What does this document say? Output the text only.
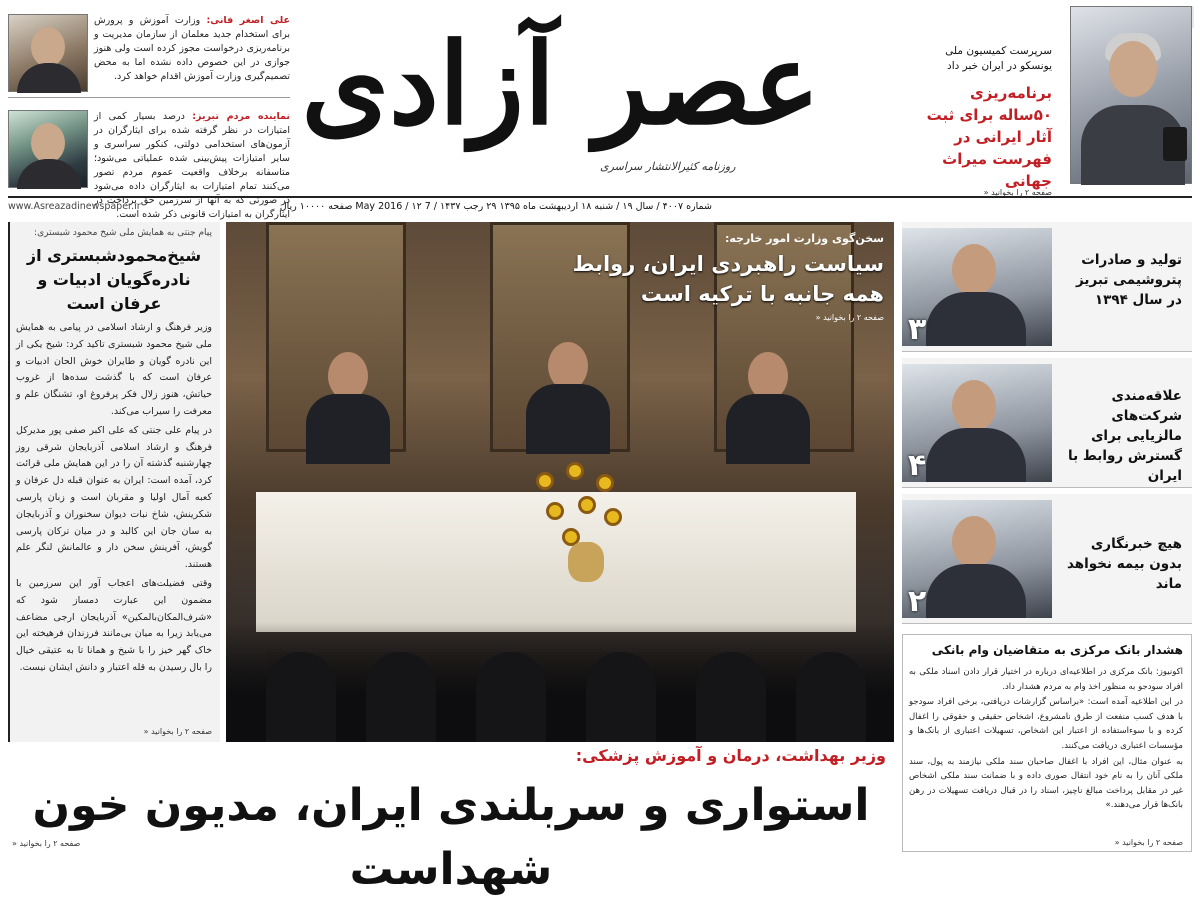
علی اصغر فانی: وزارت آموزش و پرورش برای استخدام جدید معلمان از سازمان مدیریت و برنامه‌ریزی درخواست مجوز کرده است ولی هنوز جوازی در این خصوص داده نشده اما به محض تصمیم‌گیری وزارت آموزش اقدام خواهد کرد.
نماینده مردم تبریز: درصد بسیار کمی از امتیازات در نظر گرفته شده برای ایثارگران در آزمون‌های استخدامی دولتی، کنکور سراسری و سایر امتیازات پیش‌بینی شده عملیاتی می‌شود؛ متاسفانه برخلاف واقعیت عموم مردم تصور می‌کنند تمام امتیازات به ایثارگران داده می‌شود در صورتی که به آنها از سرزمین حق پرداخت در ایثارگران به امتیازات قانونی ذکر شده است.
عصر آزادی
روزنامه کثیرالانتشار سراسری
سرپرست کمیسیون ملی یونسکو در ایران خبر داد
برنامه‌ریزی ۵۰ساله برای ثبت آثار ایرانی در فهرست میراث جهانی
صفحه ۲ را بخوانید «
شماره ۴۰۰۷ / سال ۱۹ / شنبه ۱۸ اردیبهشت ماه ۱۳۹۵ ۲۹ رجب ۱۴۳۷ / 7 May 2016 / ۱۲ صفحه ۱۰۰۰۰ ریال
www.Asreazadinewspaper.ir
پیام جنتی به همایش ملی شیخ محمود شبستری:
شیخ‌محمود‌شبستری از نادره‌گویان ادبیات و عرفان است

وزیر فرهنگ و ارشاد اسلامی در پیامی به همایش ملی شیخ محمود شبستری تاکید کرد: شیخ یکی از این نادره گویان و طایران خوش الحان ادبیات و عرفان است که با گذشت سده‌ها از غروب حیاتش، هنوز زلال فکر پرفروغ او، تشنگان علم و معرفت را سیراب می‌کند.

در پیام علی جنتی که علی اکبر صفی پور مدیرکل فرهنگ و ارشاد اسلامی آذربایجان شرقی روز چهارشنبه گذشته آن را در این همایش ملی قرائت کرد، آمده است: ایران به عنوان قبله دل عرفان و کعبه آمال اولیا و مقربان است و زبان پارسی شکرینش، شاخ نبات دیوان سخنوران و آذربایجان به سان جان این کالبد و در میان ترکان پارسی گویش، آفرینش سخن دار و عالمانش لنگر علم هستند.

وقتی فضیلت‌های اعجاب آور این سرزمین با مضمون این عبارت دمساز شود که «شرف‌المکان‌بالمکین» آذربایجان ارجی مضاعف می‌یابد زیرا به میان بی‌مانند فرزندان فرهیخته این خاک گهر خیز را با شیخ و همانا تا به عتیقی خیال را بال رسیدن به قله اعتبار و دانش ایشان نیست.

صفحه ۲ را بخوانید «
سخن‌گوی وزارت امور خارجه:
سیاست راهبردی ایران، روابط همه جانبه با ترکیه است
صفحه ۲ را بخوانید « ۳
تولید و صادرات پتروشیمی تبریز در سال ۱۳۹۴
۴
علاقه‌مندی شرکت‌های مالزیایی برای گسترش روابط با ایران
۲
هیچ خبرنگاری بدون بیمه نخواهد ماند
هشدار بانک مرکزی به متقاضیان وام بانکی

اکونیوز: بانک مرکزی در اطلاعیه‌ای درباره در اختیار قرار دادن اسناد ملکی به افراد سودجو به منظور اخذ وام به مردم هشدار داد.

در این اطلاعیه آمده است: «براساس گزارشات دریافتی، برخی افراد سودجو با هدف کسب منفعت از طرق نامشروع، اشخاص حقیقی و حقوقی را اغفال کرده و با سوءاستفاده از اعتبار این اشخاص، تسهیلات اعتباری از بانک‌ها و مؤسسات اعتباری دریافت می‌کنند.

به عنوان مثال، این افراد با اغفال صاحبان سند ملکی نیازمند به پول، سند ملکی آنان را به نام خود انتقال صوری داده و با ضمانت سند ملکی اشخاص غیر در مقابل پرداخت مبالغ ناچیز، اسناد را در قبال دریافت تسهیلات در رهن بانک‌ها قرار می‌دهند.»

صفحه ۲ را بخوانید «
وزیر بهداشت، درمان و آموزش پزشکی:
استواری و سربلندی ایران، مدیون خون شهداست
صفحه ۲ را بخوانید «
